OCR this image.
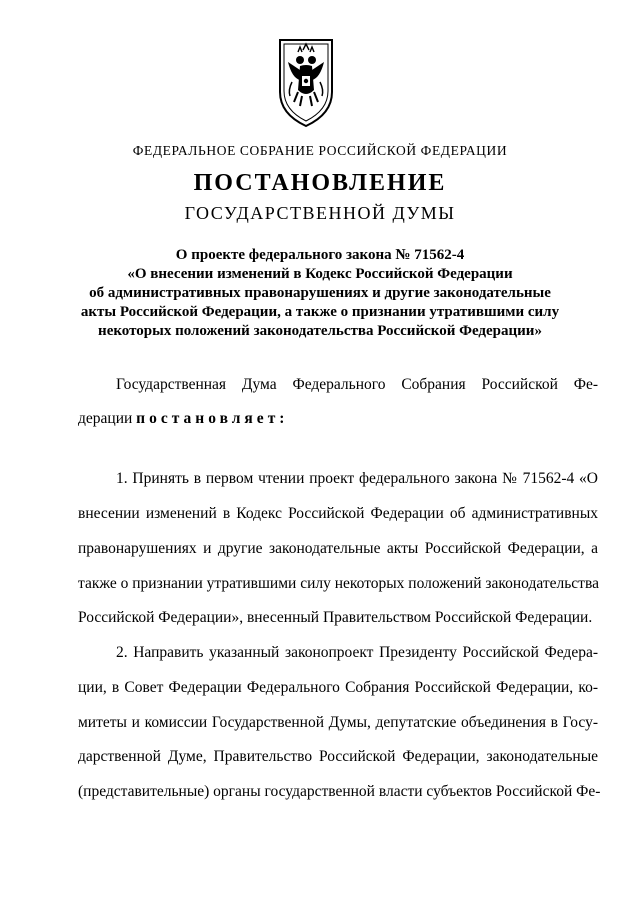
ФЕДЕРАЛЬНОЕ СОБРАНИЕ РОССИЙСКОЙ ФЕДЕРАЦИИ
ПОСТАНОВЛЕНИЕ
ГОСУДАРСТВЕННОЙ ДУМЫ
О проекте федерального закона № 71562-4
«О внесении изменений в Кодекс Российской Федерации
об административных правонарушениях и другие законодательные
акты Российской Федерации, а также о признании утратившими силу
некоторых положений законодательства Российской Федерации»
Государственная Дума Федерального Собрания Российской Фе-
дерации постановляет:
1. Принять в первом чтении проект федерального закона № 71562-4 «О
внесении изменений в Кодекс Российской Федерации об административных
правонарушениях и другие законодательные акты Российской Федерации, а
также о признании утратившими силу некоторых положений законодательства
Российской Федерации», внесенный Правительством Российской Федерации.
2. Направить указанный законопроект Президенту Российской Федера-
ции, в Совет Федерации Федерального Собрания Российской Федерации, ко-
митеты и комиссии Государственной Думы, депутатские объединения в Госу-
дарственной Думе, Правительство Российской Федерации, законодательные
(представительные) органы государственной власти субъектов Российской Фе-
